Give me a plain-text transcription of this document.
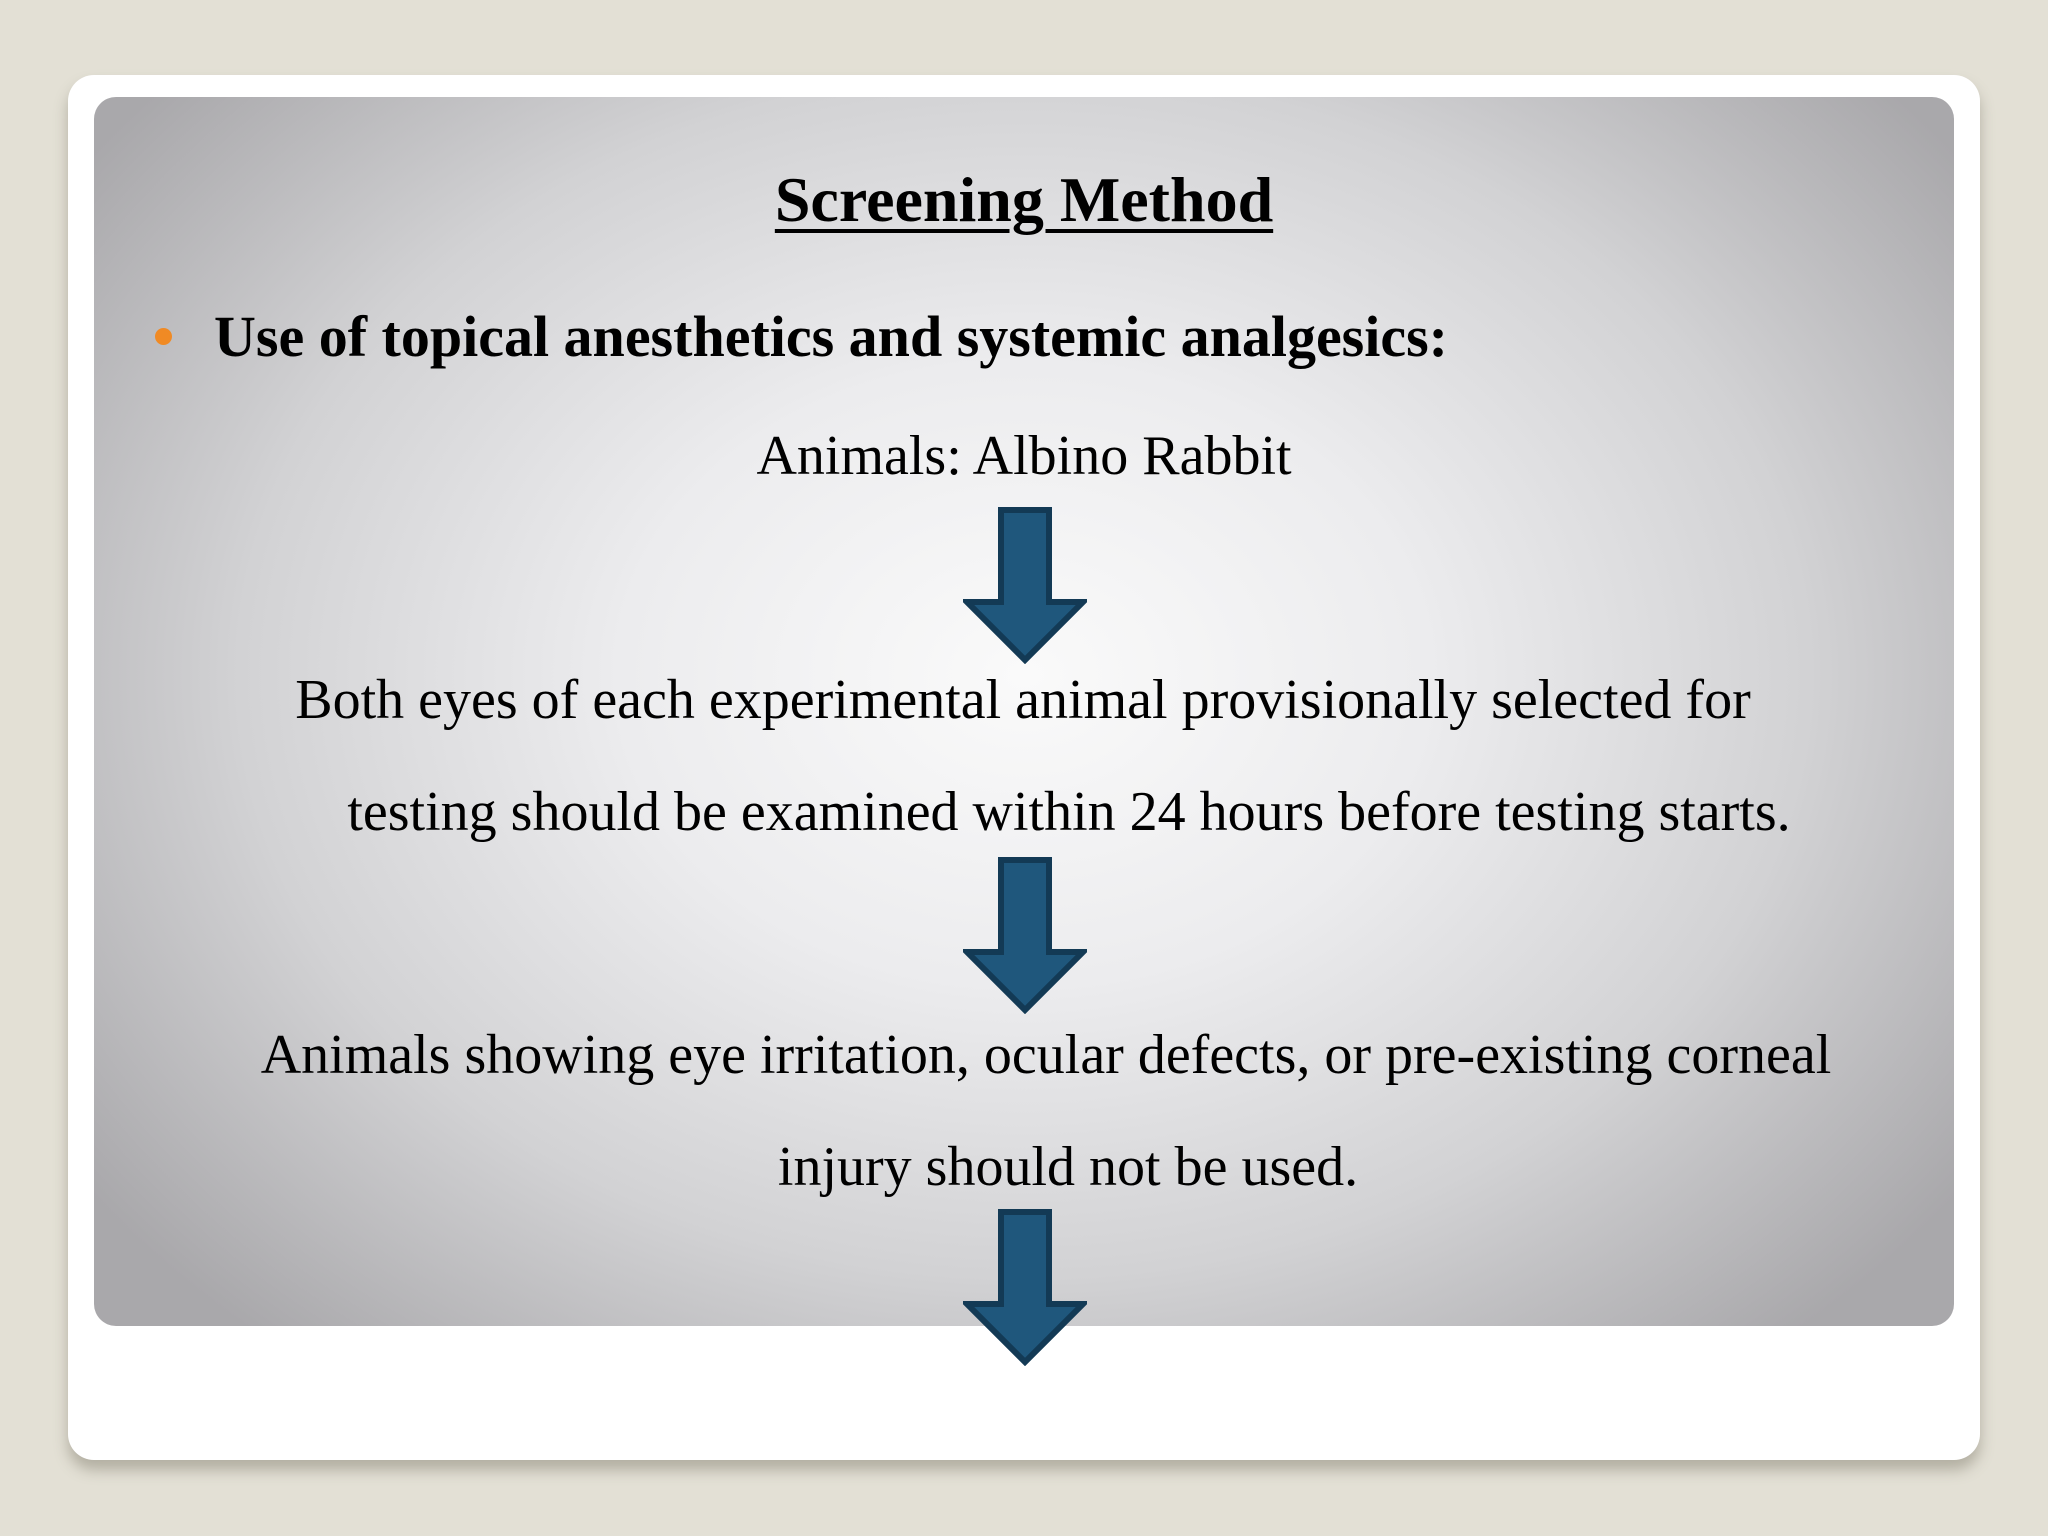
Screening Method
Use of topical anesthetics and systemic analgesics:

Animals: Albino Rabbit

Both eyes of each experimental animal provisionally selected for

testing should be examined within 24 hours before testing starts.

Animals showing eye irritation, ocular defects, or pre-existing corneal

injury should not be used.
